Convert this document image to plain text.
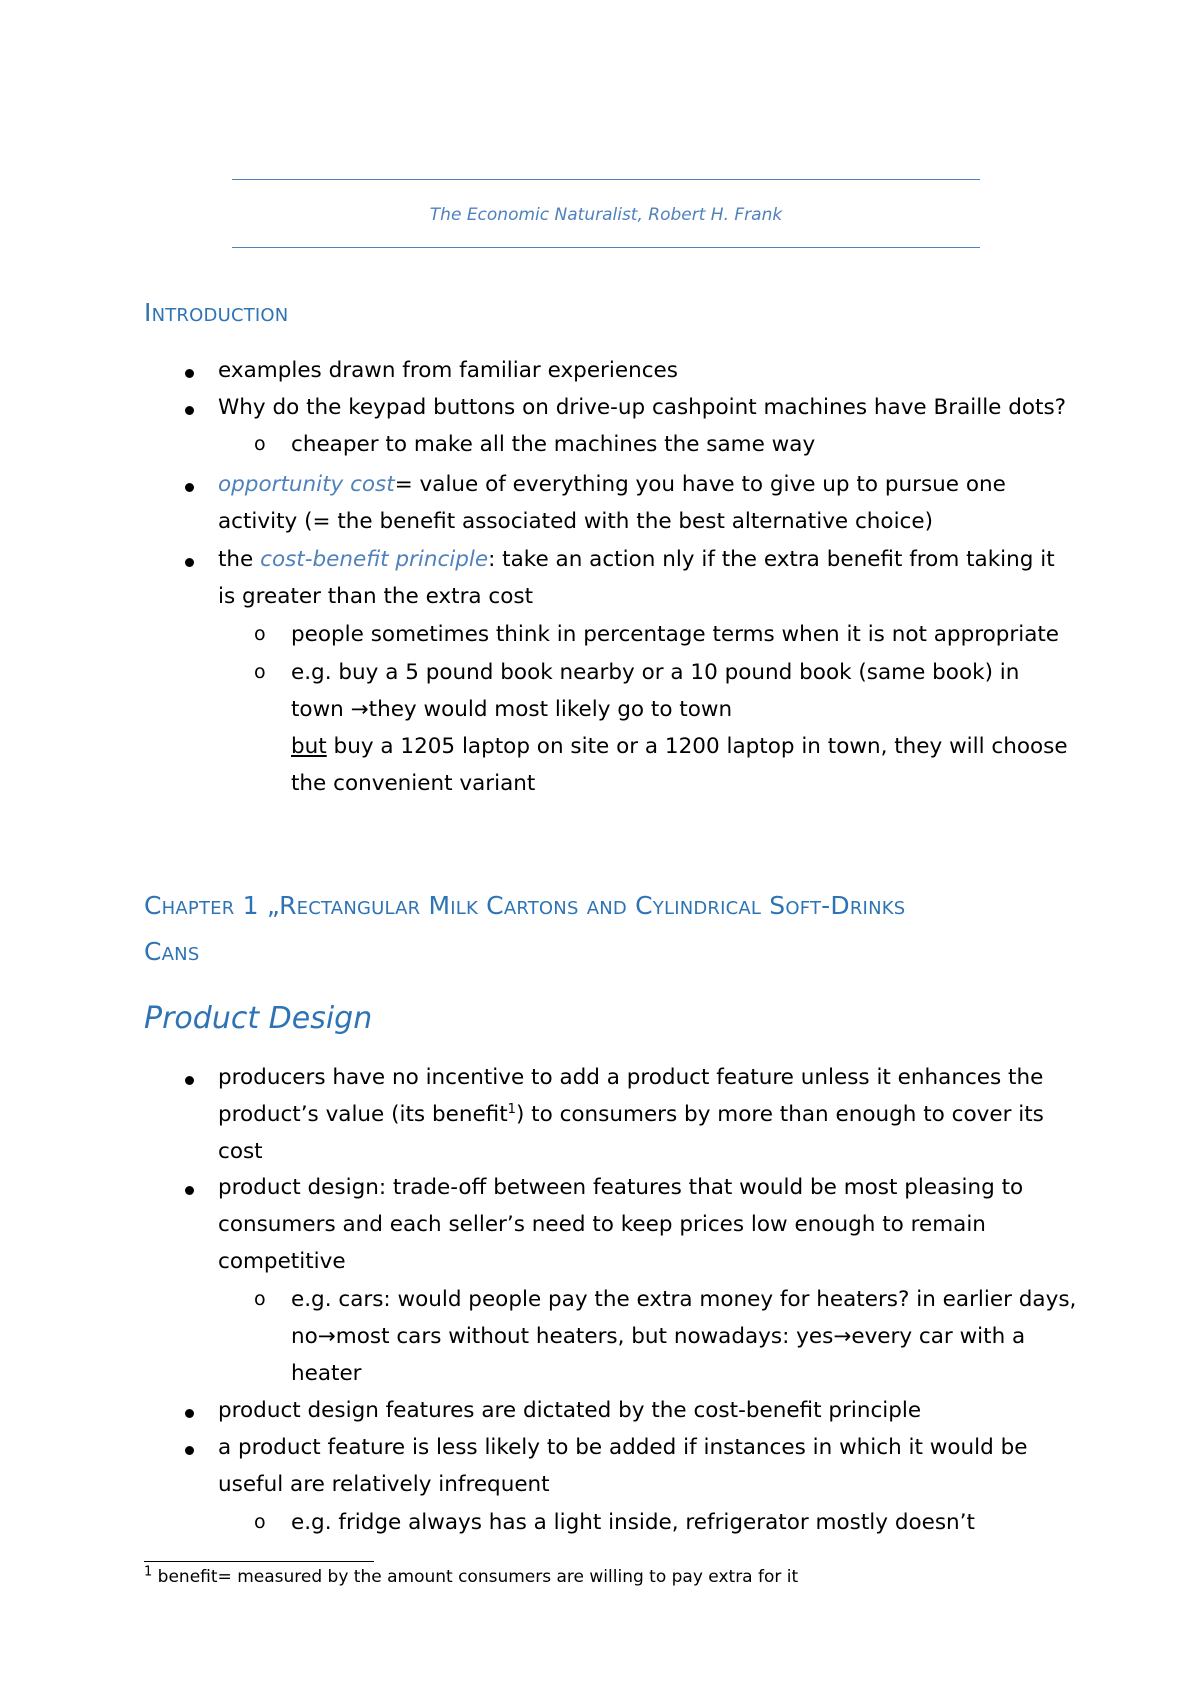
The Economic Naturalist, Robert H. Frank
Introduction
examples drawn from familiar experiences
Why do the keypad buttons on drive-up cashpoint machines have Braille dots?
o cheaper to make all the machines the same way
opportunity cost= value of everything you have to give up to pursue one
activity (= the benefit associated with the best alternative choice)
the cost-benefit principle: take an action nly if the extra benefit from taking it
is greater than the extra cost
o people sometimes think in percentage terms when it is not appropriate
o e.g. buy a 5 pound book nearby or a 10 pound book (same book) in
town →they would most likely go to town
but buy a 1205 laptop on site or a 1200 laptop in town, they will choose
the convenient variant
Chapter 1 „Rectangular Milk Cartons and Cylindrical Soft-Drinks
Cans
Product Design
producers have no incentive to add a product feature unless it enhances the
product’s value (its benefit$^1$) to consumers by more than enough to cover its
cost
product design: trade-off between features that would be most pleasing to
consumers and each seller’s need to keep prices low enough to remain
competitive
o e.g. cars: would people pay the extra money for heaters? in earlier days,
no→most cars without heaters, but nowadays: yes→every car with a
heater
product design features are dictated by the cost-benefit principle
a product feature is less likely to be added if instances in which it would be
useful are relatively infrequent
o e.g. fridge always has a light inside, refrigerator mostly doesn’t
$^1$ benefit= measured by the amount consumers are willing to pay extra for it
